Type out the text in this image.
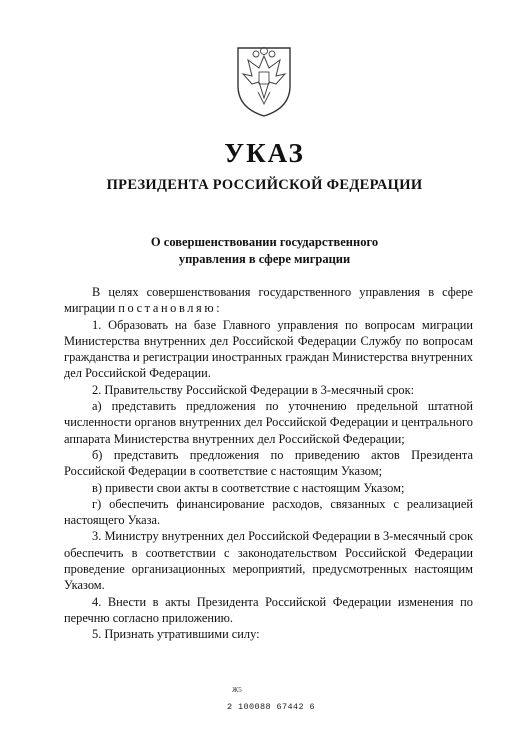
УКАЗ
ПРЕЗИДЕНТА РОССИЙСКОЙ ФЕДЕРАЦИИ
О совершенствовании государственного
управления в сфере миграции

В целях совершенствования государственного управления в сфере миграции постановляю:

1. Образовать на базе Главного управления по вопросам миграции Министерства внутренних дел Российской Федерации Службу по вопросам гражданства и регистрации иностранных граждан Министерства внутренних дел Российской Федерации.

2. Правительству Российской Федерации в 3-месячный срок:

а) представить предложения по уточнению предельной штатной численности органов внутренних дел Российской Федерации и центрального аппарата Министерства внутренних дел Российской Федерации;

б) представить предложения по приведению актов Президента Российской Федерации в соответствие с настоящим Указом;

в) привести свои акты в соответствие с настоящим Указом;

г) обеспечить финансирование расходов, связанных с реализацией настоящего Указа.

3. Министру внутренних дел Российской Федерации в 3-месячный срок обеспечить в соответствии с законодательством Российской Федерации проведение организационных мероприятий, предусмотренных настоящим Указом.

4. Внести в акты Президента Российской Федерации изменения по перечню согласно приложению.

5. Признать утратившими силу:

Ж5
2 100088 67442 6
